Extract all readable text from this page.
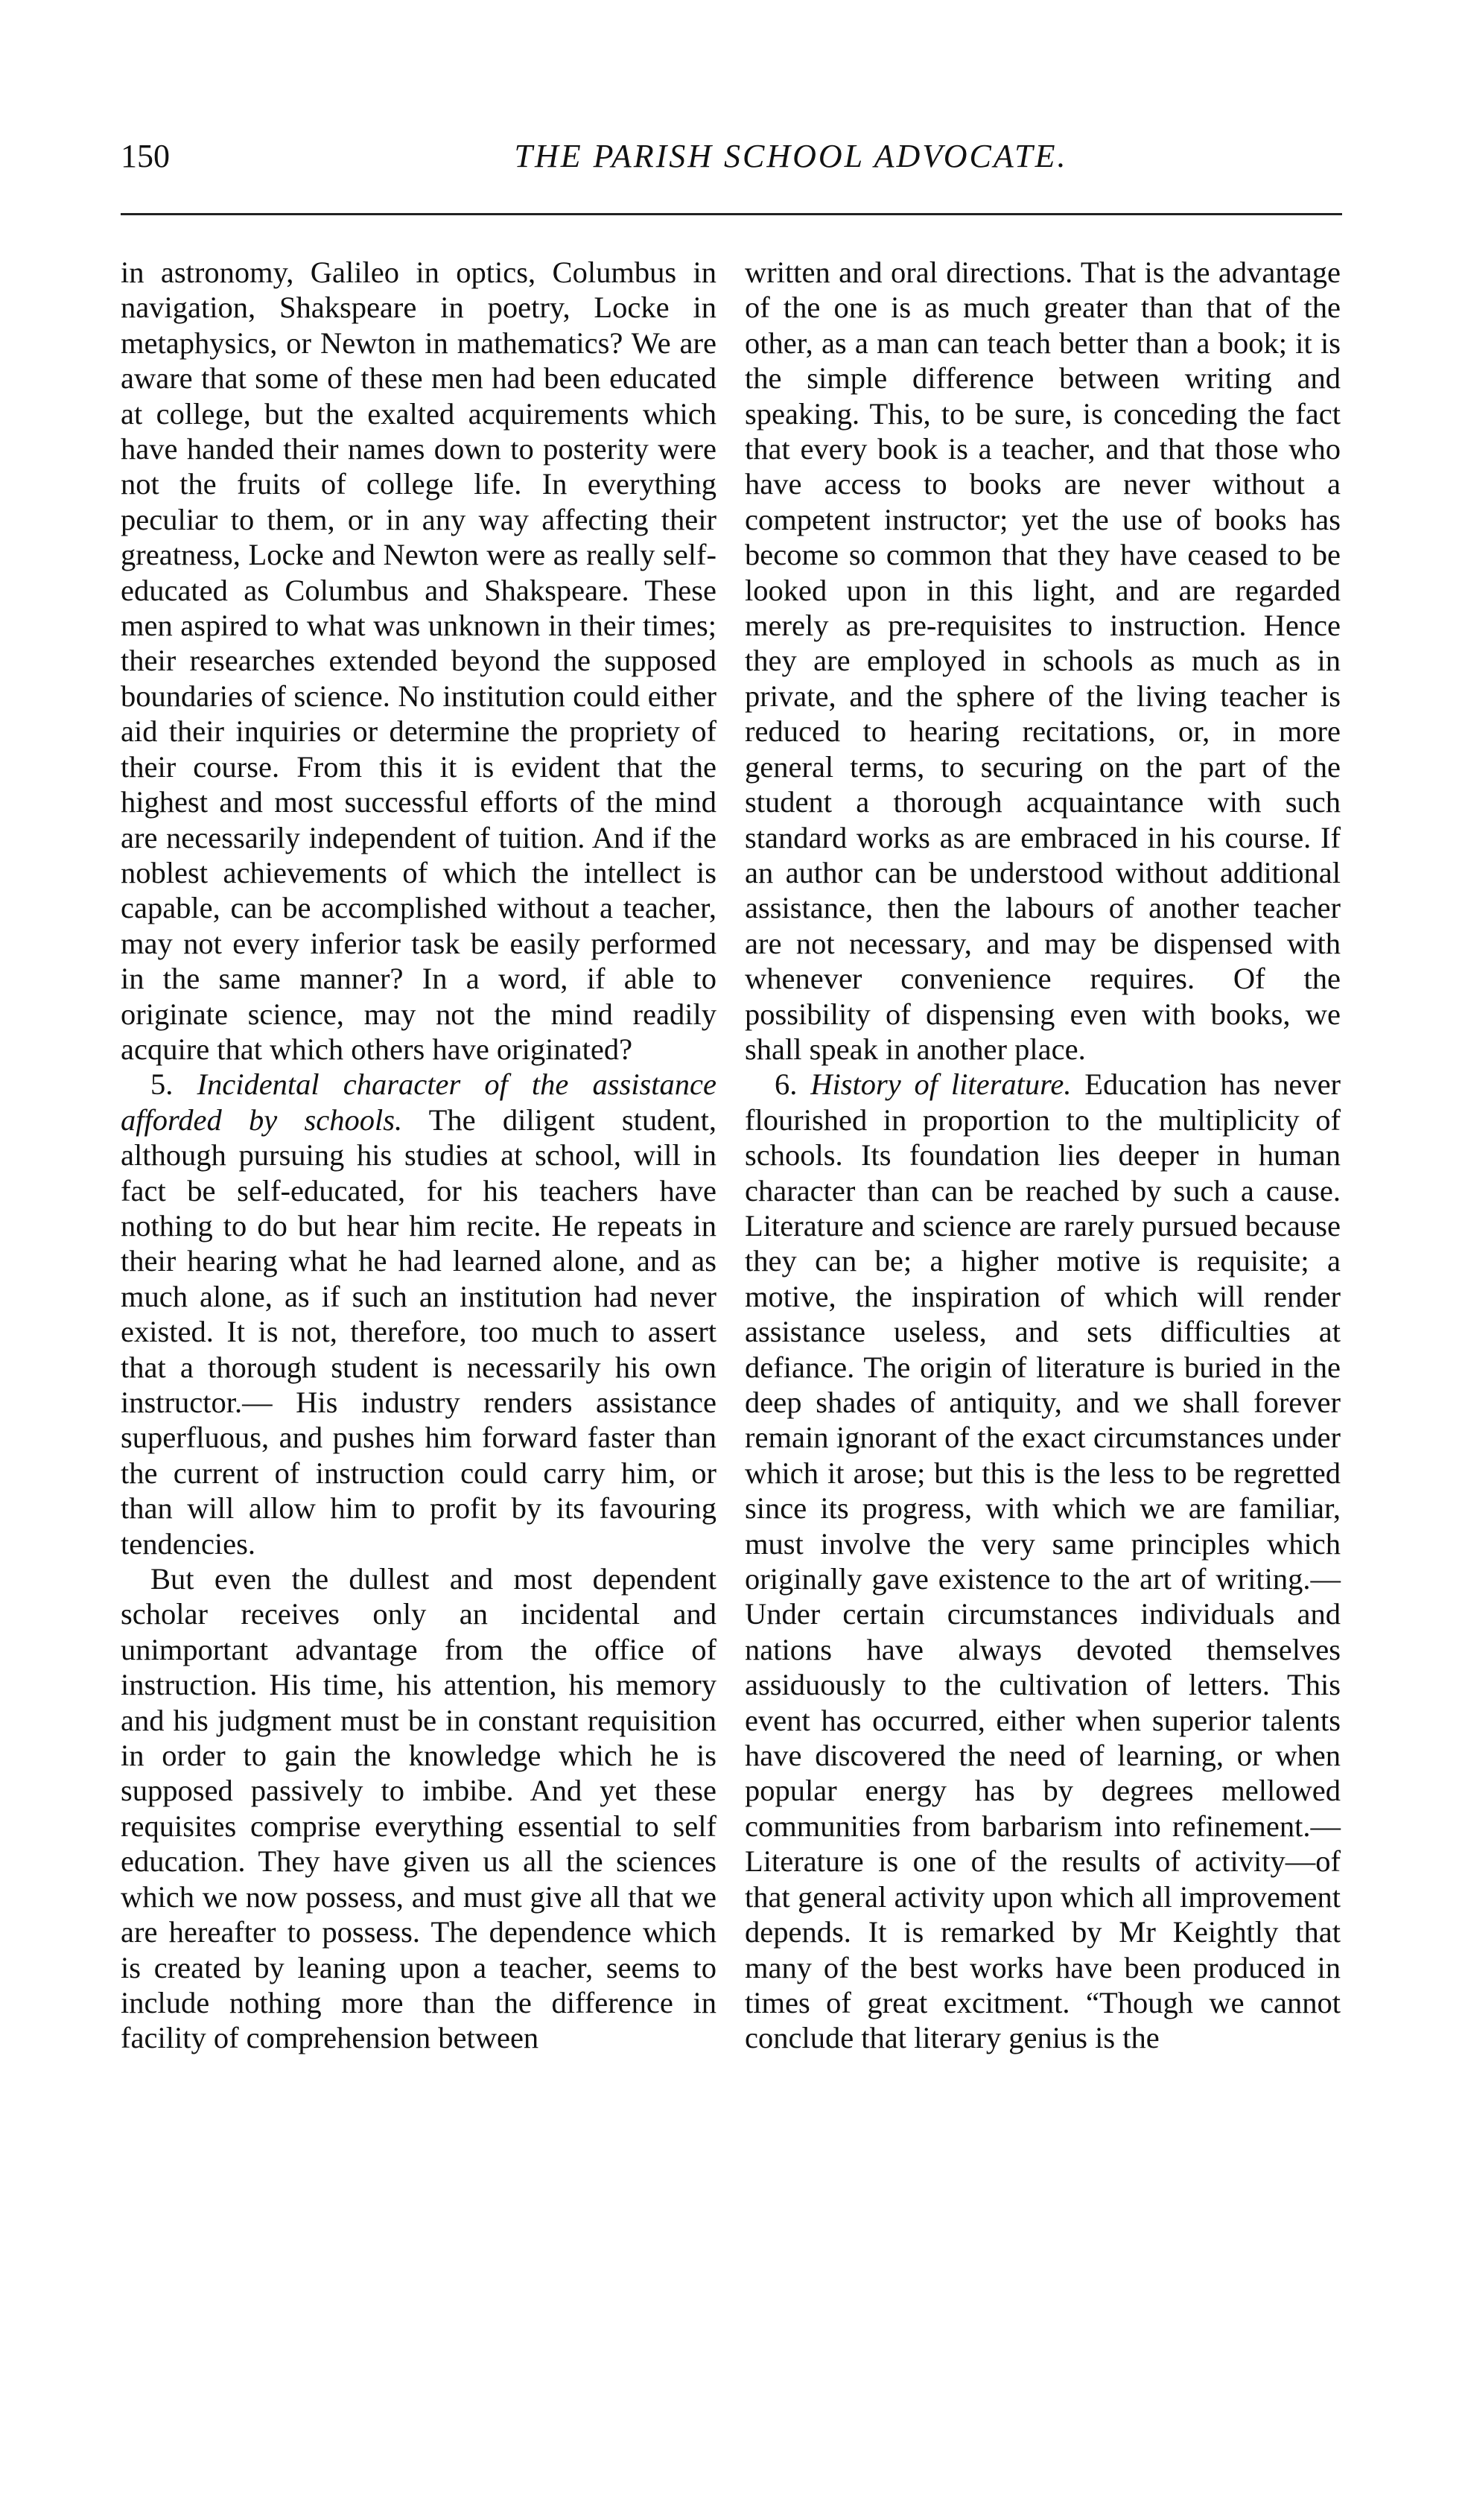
150	THE PARISH SCHOOL ADVOCATE.

in astronomy, Galileo in optics, Columbus in navigation, Shakspeare in poetry, Locke in metaphysics, or Newton in mathematics? We are aware that some of these men had been educated at college, but the exalted acquirements which have handed their names down to posterity were not the fruits of college life. In everything peculiar to them, or in any way affecting their greatness, Locke and Newton were as really self-educated as Columbus and Shakspeare. These men aspired to what was unknown in their times; their researches extended beyond the supposed boundaries of science. No institution could either aid their inquiries or determine the propriety of their course. From this it is evident that the highest and most successful efforts of the mind are necessarily independent of tuition. And if the noblest achievements of which the intellect is capable, can be accomplished without a teacher, may not every inferior task be easily performed in the same manner? In a word, if able to originate science, may not the mind readily acquire that which others have originated?

5. Incidental character of the assistance afforded by schools. The diligent student, although pursuing his studies at school, will in fact be self-educated, for his teachers have nothing to do but hear him recite. He repeats in their hearing what he had learned alone, and as much alone, as if such an institution had never existed. It is not, therefore, too much to assert that a thorough student is necessarily his own instructor.— His industry renders assistance superfluous, and pushes him forward faster than the current of instruction could carry him, or than will allow him to profit by its favouring tendencies.

But even the dullest and most dependent scholar receives only an incidental and unimportant advantage from the office of instruction. His time, his attention, his memory and his judgment must be in constant requisition in order to gain the knowledge which he is supposed passively to imbibe. And yet these requisites comprise everything essential to self education. They have given us all the sciences which we now possess, and must give all that we are hereafter to possess. The dependence which is created by leaning upon a teacher, seems to include nothing more than the difference in facility of comprehension between

written and oral directions. That is the advantage of the one is as much greater than that of the other, as a man can teach better than a book; it is the simple difference between writing and speaking. This, to be sure, is conceding the fact that every book is a teacher, and that those who have access to books are never without a competent instructor; yet the use of books has become so common that they have ceased to be looked upon in this light, and are regarded merely as pre-requisites to instruction. Hence they are employed in schools as much as in private, and the sphere of the living teacher is reduced to hearing recitations, or, in more general terms, to securing on the part of the student a thorough acquaintance with such standard works as are embraced in his course. If an author can be understood without additional assistance, then the labours of another teacher are not necessary, and may be dispensed with whenever convenience requires. Of the possibility of dispensing even with books, we shall speak in another place.

6. History of literature. Education has never flourished in proportion to the multiplicity of schools. Its foundation lies deeper in human character than can be reached by such a cause. Literature and science are rarely pursued because they can be; a higher motive is requisite; a motive, the inspiration of which will render assistance useless, and sets difficulties at defiance. The origin of literature is buried in the deep shades of antiquity, and we shall forever remain ignorant of the exact circumstances under which it arose; but this is the less to be regretted since its progress, with which we are familiar, must involve the very same principles which originally gave existence to the art of writing.— Under certain circumstances individuals and nations have always devoted themselves assiduously to the cultivation of letters. This event has occurred, either when superior talents have discovered the need of learning, or when popular energy has by degrees mellowed communities from barbarism into refinement.— Literature is one of the results of activity—of that general activity upon which all improvement depends. It is remarked by Mr Keightly that many of the best works have been produced in times of great excitment. “Though we cannot conclude that literary genius is the
